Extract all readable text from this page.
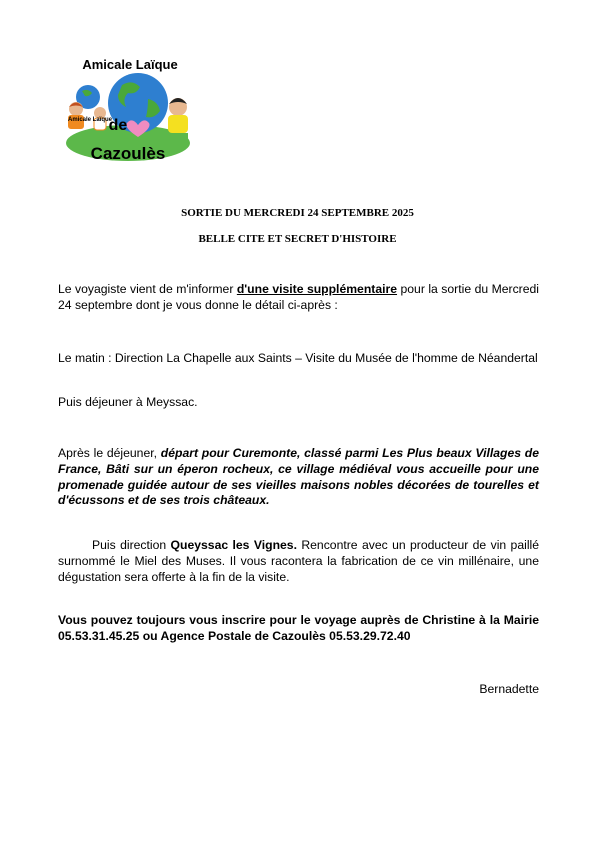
Amicale Laïque
Amicale Laïque
de
Cazoulès
SORTIE DU MERCREDI 24 SEPTEMBRE 2025
BELLE CITE ET SECRET D'HISTOIRE
Le voyagiste vient de m'informer d'une visite supplémentaire pour la sortie du Mercredi 24 septembre dont je vous donne le détail ci-après :
Le matin : Direction La Chapelle aux Saints – Visite du Musée de l'homme de Néandertal
Puis déjeuner à Meyssac.
Après le déjeuner, départ pour Curemonte, classé parmi Les Plus beaux Villages de France, Bâti sur un éperon rocheux, ce village médiéval vous accueille pour une promenade guidée autour de ses vieilles maisons nobles décorées de tourelles et d'écussons et de ses trois châteaux.
Puis direction Queyssac les Vignes. Rencontre avec un producteur de vin paillé surnommé le Miel des Muses. Il vous racontera la fabrication de ce vin millénaire, une dégustation sera offerte à la fin de la visite.
Vous pouvez toujours vous inscrire pour le voyage auprès de Christine à la Mairie 05.53.31.45.25 ou Agence Postale de Cazoulès 05.53.29.72.40
Bernadette
